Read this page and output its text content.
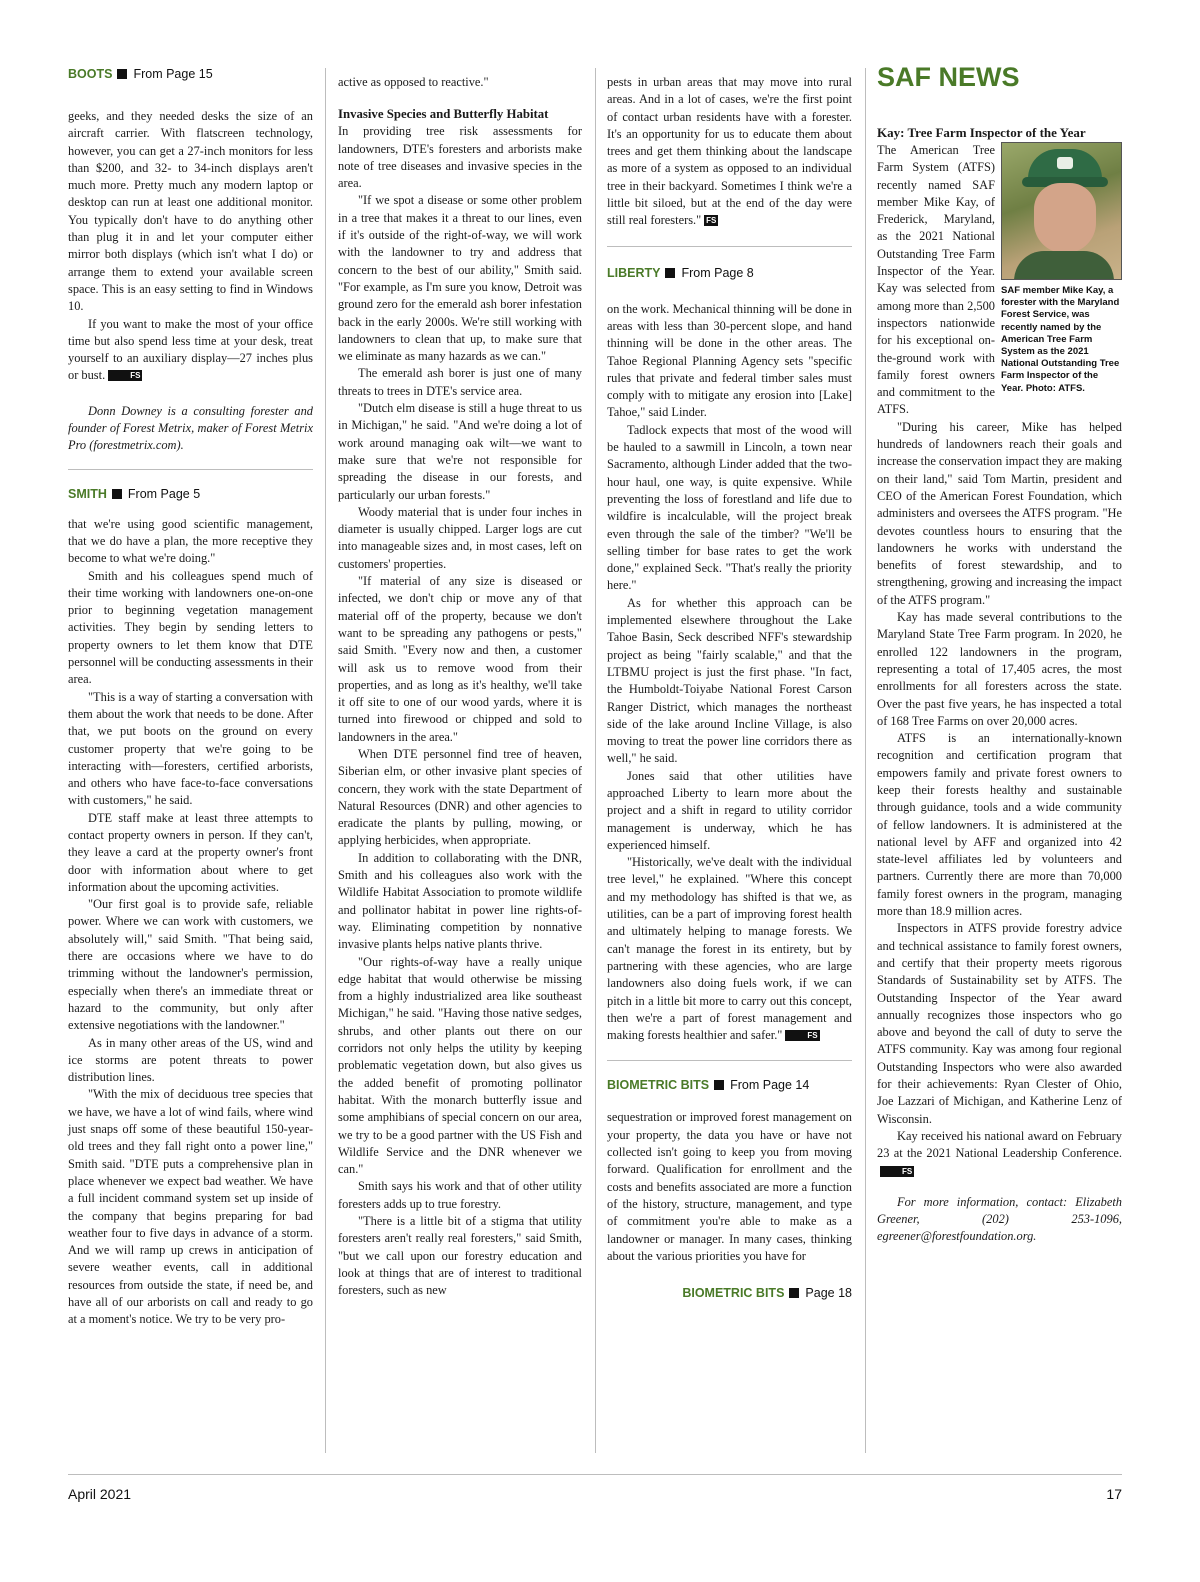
BOOTS From Page 15

geeks, and they needed desks the size of an aircraft carrier. With flatscreen technology, however, you can get a 27-inch monitors for less than $200, and 32- to 34-inch displays aren't much more. Pretty much any modern laptop or desktop can run at least one additional monitor. You typically don't have to do anything other than plug it in and let your computer either mirror both displays (which isn't what I do) or arrange them to extend your available screen space. This is an easy setting to find in Windows 10.

If you want to make the most of your office time but also spend less time at your desk, treat yourself to an auxiliary display—27 inches plus or bust.	FS

Donn Downey is a consulting forester and founder of Forest Metrix, maker of Forest Metrix Pro (forestmetrix.com).

SMITH From Page 5

that we're using good scientific management, that we do have a plan, the more receptive they become to what we're doing."

Smith and his colleagues spend much of their time working with landowners one-on-one prior to beginning vegetation management activities. They begin by sending letters to property owners to let them know that DTE personnel will be conducting assessments in their area.

"This is a way of starting a conversation with them about the work that needs to be done. After that, we put boots on the ground on every customer property that we're going to be interacting with—foresters, certified arborists, and others who have face-to-face conversations with customers," he said.

DTE staff make at least three attempts to contact property owners in person. If they can't, they leave a card at the property owner's front door with information about where to get information about the upcoming activities.

"Our first goal is to provide safe, reliable power. Where we can work with customers, we absolutely will," said Smith. "That being said, there are occasions where we have to do trimming without the landowner's permission, especially when there's an immediate threat or hazard to the community, but only after extensive negotiations with the landowner."

As in many other areas of the US, wind and ice storms are potent threats to power distribution lines.

"With the mix of deciduous tree species that we have, we have a lot of wind fails, where wind just snaps off some of these beautiful 150-year-old trees and they fall right onto a power line," Smith said. "DTE puts a comprehensive plan in place whenever we expect bad weather. We have a full incident command system set up inside of the company that begins preparing for bad weather four to five days in advance of a storm. And we will ramp up crews in anticipation of severe weather events, call in additional resources from outside the state, if need be, and have all of our arborists on call and ready to go at a moment's notice. We try to be very pro-

active as opposed to reactive."

Invasive Species and Butterfly Habitat

In providing tree risk assessments for landowners, DTE's foresters and arborists make note of tree diseases and invasive species in the area.

"If we spot a disease or some other problem in a tree that makes it a threat to our lines, even if it's outside of the right-of-way, we will work with the landowner to try and address that concern to the best of our ability," Smith said. "For example, as I'm sure you know, Detroit was ground zero for the emerald ash borer infestation back in the early 2000s. We're still working with landowners to clean that up, to make sure that we eliminate as many hazards as we can."

The emerald ash borer is just one of many threats to trees in DTE's service area.

"Dutch elm disease is still a huge threat to us in Michigan," he said. "And we're doing a lot of work around managing oak wilt—we want to make sure that we're not responsible for spreading the disease in our forests, and particularly our urban forests."

Woody material that is under four inches in diameter is usually chipped. Larger logs are cut into manageable sizes and, in most cases, left on customers' properties.

"If material of any size is diseased or infected, we don't chip or move any of that material off of the property, because we don't want to be spreading any pathogens or pests," said Smith. "Every now and then, a customer will ask us to remove wood from their properties, and as long as it's healthy, we'll take it off site to one of our wood yards, where it is turned into firewood or chipped and sold to landowners in the area."

When DTE personnel find tree of heaven, Siberian elm, or other invasive plant species of concern, they work with the state Department of Natural Resources (DNR) and other agencies to eradicate the plants by pulling, mowing, or applying herbicides, when appropriate.

In addition to collaborating with the DNR, Smith and his colleagues also work with the Wildlife Habitat Association to promote wildlife and pollinator habitat in power line rights-of-way. Eliminating competition by nonnative invasive plants helps native plants thrive.

"Our rights-of-way have a really unique edge habitat that would otherwise be missing from a highly industrialized area like southeast Michigan," he said. "Having those native sedges, shrubs, and other plants out there on our corridors not only helps the utility by keeping problematic vegetation down, but also gives us the added benefit of promoting pollinator habitat. With the monarch butterfly issue and some amphibians of special concern on our area, we try to be a good partner with the US Fish and Wildlife Service and the DNR whenever we can."

Smith says his work and that of other utility foresters adds up to true forestry.

"There is a little bit of a stigma that utility foresters aren't really real foresters," said Smith, "but we call upon our forestry education and look at things that are of interest to traditional foresters, such as new

pests in urban areas that may move into rural areas. And in a lot of cases, we're the first point of contact urban residents have with a forester. It's an opportunity for us to educate them about trees and get them thinking about the landscape as more of a system as opposed to an individual tree in their backyard. Sometimes I think we're a little bit siloed, but at the end of the day were still real foresters." FS

LIBERTY From Page 8

on the work. Mechanical thinning will be done in areas with less than 30-percent slope, and hand thinning will be done in the other areas. The Tahoe Regional Planning Agency sets "specific rules that private and federal timber sales must comply with to mitigate any erosion into [Lake] Tahoe," said Linder.

Tadlock expects that most of the wood will be hauled to a sawmill in Lincoln, a town near Sacramento, although Linder added that the two-hour haul, one way, is quite expensive. While preventing the loss of forestland and life due to wildfire is incalculable, will the project break even through the sale of the timber? "We'll be selling timber for base rates to get the work done," explained Seck. "That's really the priority here."

As for whether this approach can be implemented elsewhere throughout the Lake Tahoe Basin, Seck described NFF's stewardship project as being "fairly scalable," and that the LTBMU project is just the first phase. "In fact, the Humboldt-Toiyabe National Forest Carson Ranger District, which manages the northeast side of the lake around Incline Village, is also moving to treat the power line corridors there as well," he said.

Jones said that other utilities have approached Liberty to learn more about the project and a shift in regard to utility corridor management is underway, which he has experienced himself.

"Historically, we've dealt with the individual tree level," he explained. "Where this concept and my methodology has shifted is that we, as utilities, can be a part of improving forest health and ultimately helping to manage forests. We can't manage the forest in its entirety, but by partnering with these agencies, who are large landowners also doing fuels work, if we can pitch in a little bit more to carry out this concept, then we're a part of forest management and making forests healthier and safer."	FS

BIOMETRIC BITS From Page 14

sequestration or improved forest management on your property, the data you have or have not collected isn't going to keep you from moving forward. Qualification for enrollment and the costs and benefits associated are more a function of the history, structure, management, and type of commitment you're able to make as a landowner or manager. In many cases, thinking about the various priorities you have for

BIOMETRIC BITS Page 18
SAF NEWS
Kay: Tree Farm Inspector of the Year
SAF member Mike Kay, a forester with the Maryland Forest Service, was recently named by the American Tree Farm System as the 2021 National Outstanding Tree Farm Inspector of the Year. Photo: ATFS.

The American Tree Farm System (ATFS) recently named SAF member Mike Kay, of Frederick, Maryland, as the 2021 National Outstanding Tree Farm Inspector of the Year. Kay was selected from among more than 2,500 inspectors nationwide for his exceptional on-the-ground work with family forest owners and commitment to the ATFS.

"During his career, Mike has helped hundreds of landowners reach their goals and increase the conservation impact they are making on their land," said Tom Martin, president and CEO of the American Forest Foundation, which administers and oversees the ATFS program. "He devotes countless hours to ensuring that the landowners he works with understand the benefits of forest stewardship, and to strengthening, growing and increasing the impact of the ATFS program."

Kay has made several contributions to the Maryland State Tree Farm program. In 2020, he enrolled 122 landowners in the program, representing a total of 17,405 acres, the most enrollments for all foresters across the state. Over the past five years, he has inspected a total of 168 Tree Farms on over 20,000 acres.

ATFS is an internationally-known recognition and certification program that empowers family and private forest owners to keep their forests healthy and sustainable through guidance, tools and a wide community of fellow landowners. It is administered at the national level by AFF and organized into 42 state-level affiliates led by volunteers and partners. Currently there are more than 70,000 family forest owners in the program, managing more than 18.9 million acres.

Inspectors in ATFS provide forestry advice and technical assistance to family forest owners, and certify that their property meets rigorous Standards of Sustainability set by ATFS. The Outstanding Inspector of the Year award annually recognizes those inspectors who go above and beyond the call of duty to serve the ATFS community. Kay was among four regional Outstanding Inspectors who were also awarded for their achievements: Ryan Clester of Ohio, Joe Lazzari of Michigan, and Katherine Lenz of Wisconsin.

Kay received his national award on February 23 at the 2021 National Leadership Conference.FS

For more information, contact: Elizabeth Greener, (202) 253-1096, egreener@forestfoundation.org.

April 2021	17
